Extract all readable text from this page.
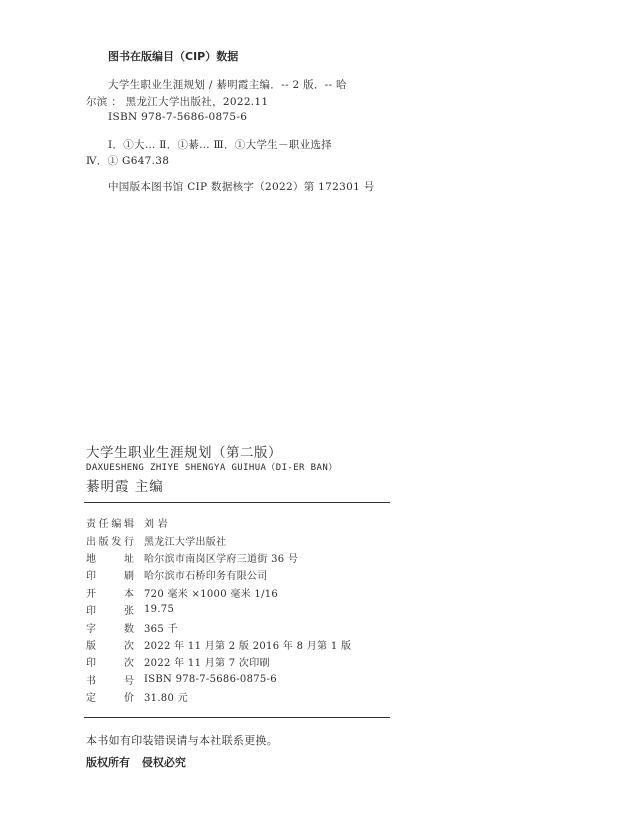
图书在版编目（CIP）数据
大学生职业生涯规划 / 綦明霞主编．-- 2 版．-- 哈
尔滨 ： 黑龙江大学出版社，2022.11
ISBN 978-7-5686-0875-6
Ⅰ．①大… Ⅱ．①綦… Ⅲ．①大学生－职业选择
Ⅳ．① G647.38
中国版本图书馆 CIP 数据核字（2022）第 172301 号
大学生职业生涯规划（第二版）
DAXUESHENG ZHIYE SHENGYA GUIHUA（DI-ER BAN）
綦明霞 主编
责任编辑 刘 岩
出版发行 黑龙江大学出版社
地址 哈尔滨市南岗区学府三道街 36 号
印刷 哈尔滨市石桥印务有限公司
开本 720 毫米 ×1000 毫米 1/16
印张 19.75
字数 365 千
版次 2022 年 11 月第 2 版 2016 年 8 月第 1 版
印次 2022 年 11 月第 7 次印刷
书号 ISBN 978-7-5686-0875-6
定价 31.80 元
本书如有印装错误请与本社联系更换。
版权所有 侵权必究
